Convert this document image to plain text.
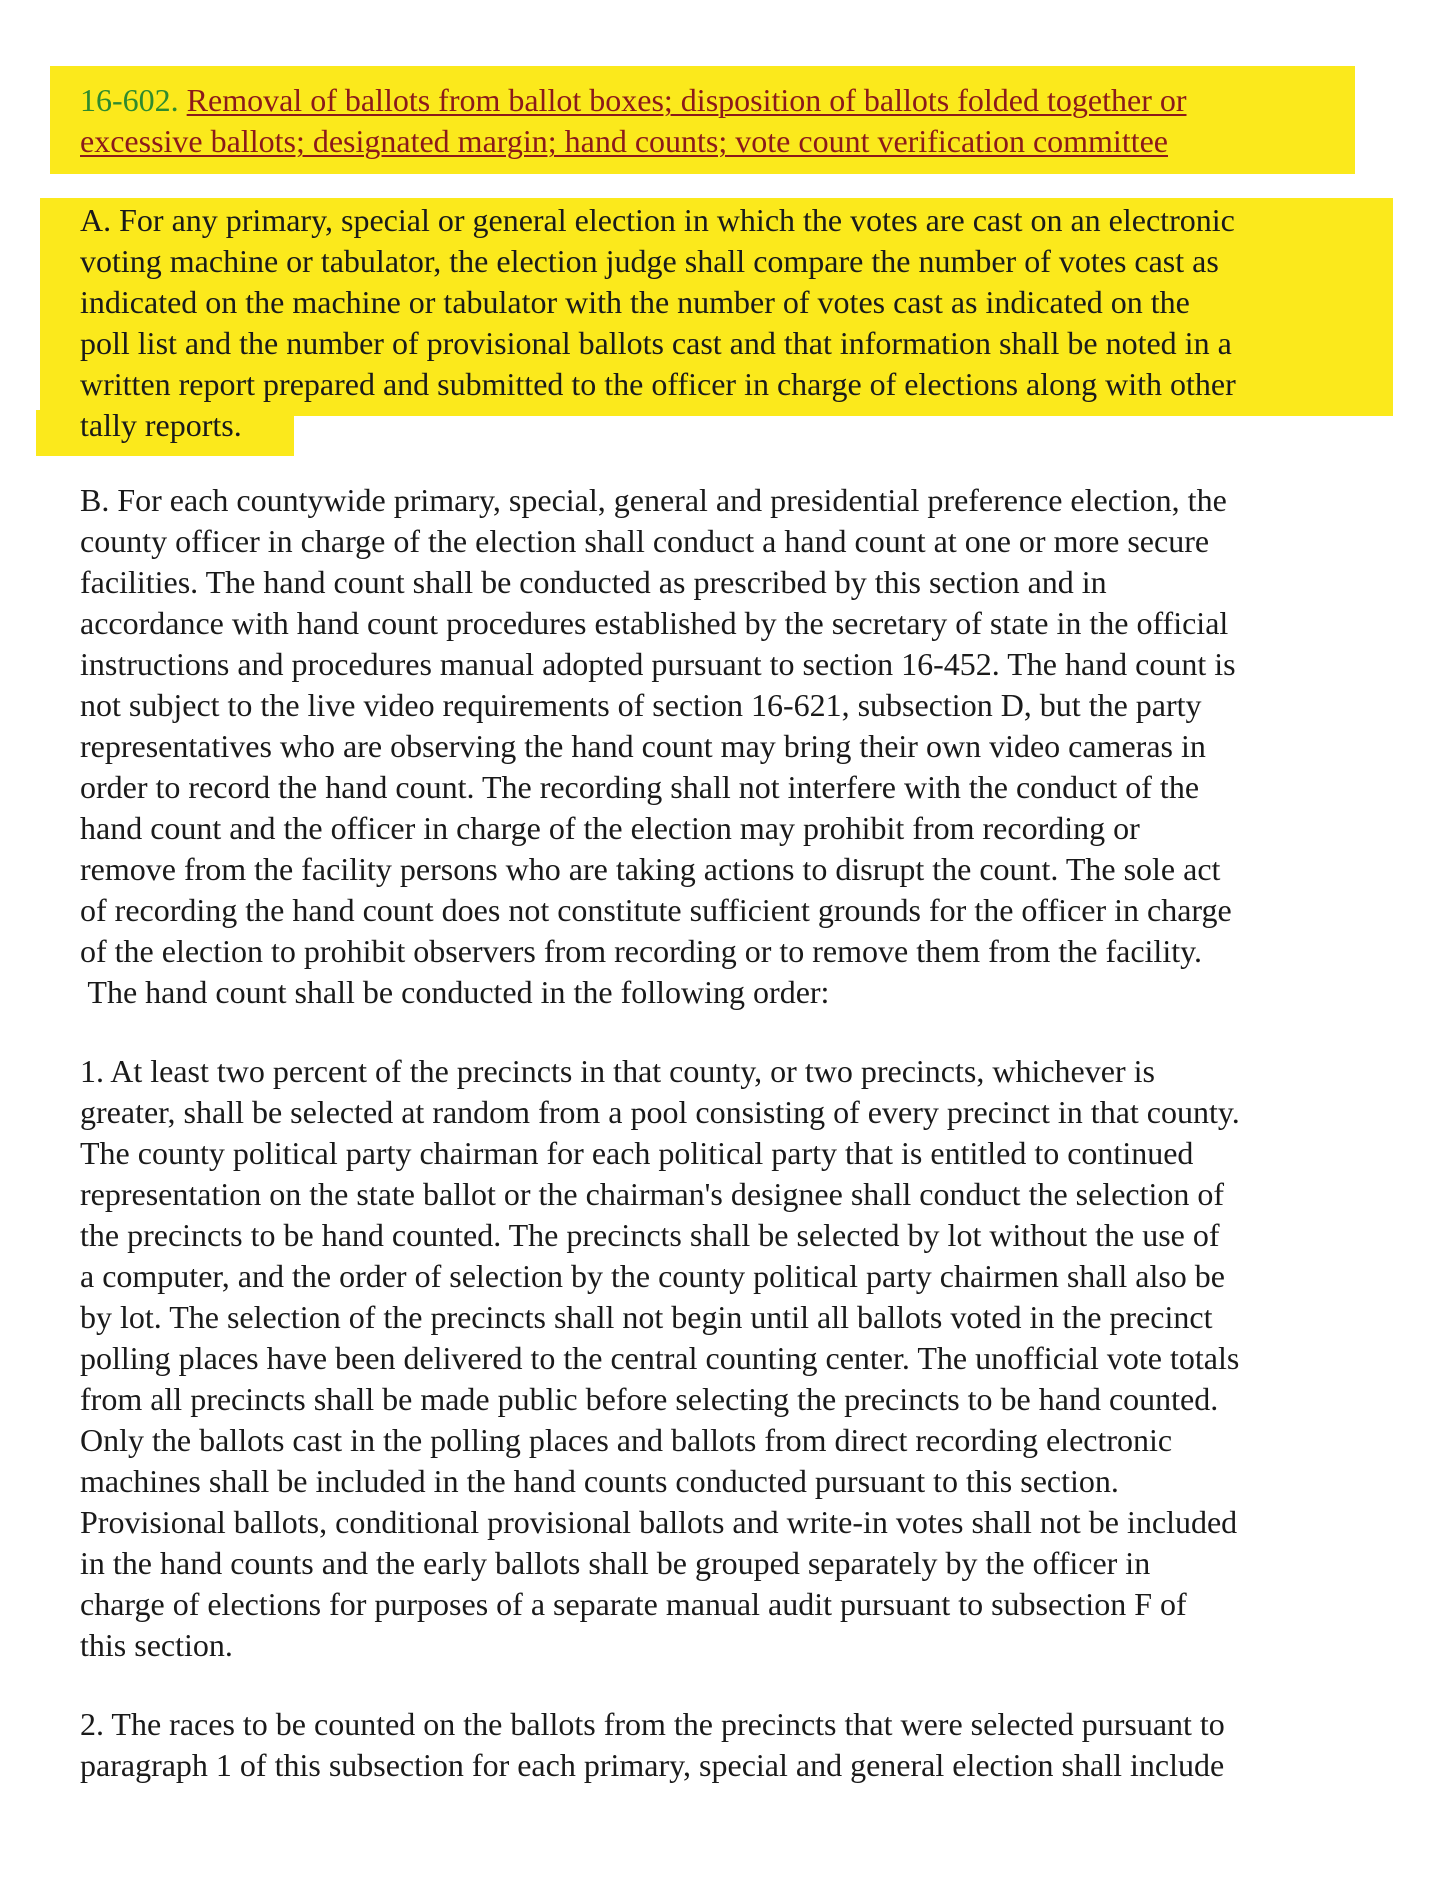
16-602. Removal of ballots from ballot boxes; disposition of ballots folded together or
excessive ballots; designated margin; hand counts; vote count verification committee
A. For any primary, special or general election in which the votes are cast on an electronic
voting machine or tabulator, the election judge shall compare the number of votes cast as
indicated on the machine or tabulator with the number of votes cast as indicated on the
poll list and the number of provisional ballots cast and that information shall be noted in a
written report prepared and submitted to the officer in charge of elections along with other
tally reports.
B. For each countywide primary, special, general and presidential preference election, the
county officer in charge of the election shall conduct a hand count at one or more secure
facilities. The hand count shall be conducted as prescribed by this section and in
accordance with hand count procedures established by the secretary of state in the official
instructions and procedures manual adopted pursuant to section 16-452. The hand count is
not subject to the live video requirements of section 16-621, subsection D, but the party
representatives who are observing the hand count may bring their own video cameras in
order to record the hand count. The recording shall not interfere with the conduct of the
hand count and the officer in charge of the election may prohibit from recording or
remove from the facility persons who are taking actions to disrupt the count. The sole act
of recording the hand count does not constitute sufficient grounds for the officer in charge
of the election to prohibit observers from recording or to remove them from the facility.
The hand count shall be conducted in the following order:
1. At least two percent of the precincts in that county, or two precincts, whichever is
greater, shall be selected at random from a pool consisting of every precinct in that county.
The county political party chairman for each political party that is entitled to continued
representation on the state ballot or the chairman's designee shall conduct the selection of
the precincts to be hand counted. The precincts shall be selected by lot without the use of
a computer, and the order of selection by the county political party chairmen shall also be
by lot. The selection of the precincts shall not begin until all ballots voted in the precinct
polling places have been delivered to the central counting center. The unofficial vote totals
from all precincts shall be made public before selecting the precincts to be hand counted.
Only the ballots cast in the polling places and ballots from direct recording electronic
machines shall be included in the hand counts conducted pursuant to this section.
Provisional ballots, conditional provisional ballots and write-in votes shall not be included
in the hand counts and the early ballots shall be grouped separately by the officer in
charge of elections for purposes of a separate manual audit pursuant to subsection F of
this section.
2. The races to be counted on the ballots from the precincts that were selected pursuant to
paragraph 1 of this subsection for each primary, special and general election shall include
